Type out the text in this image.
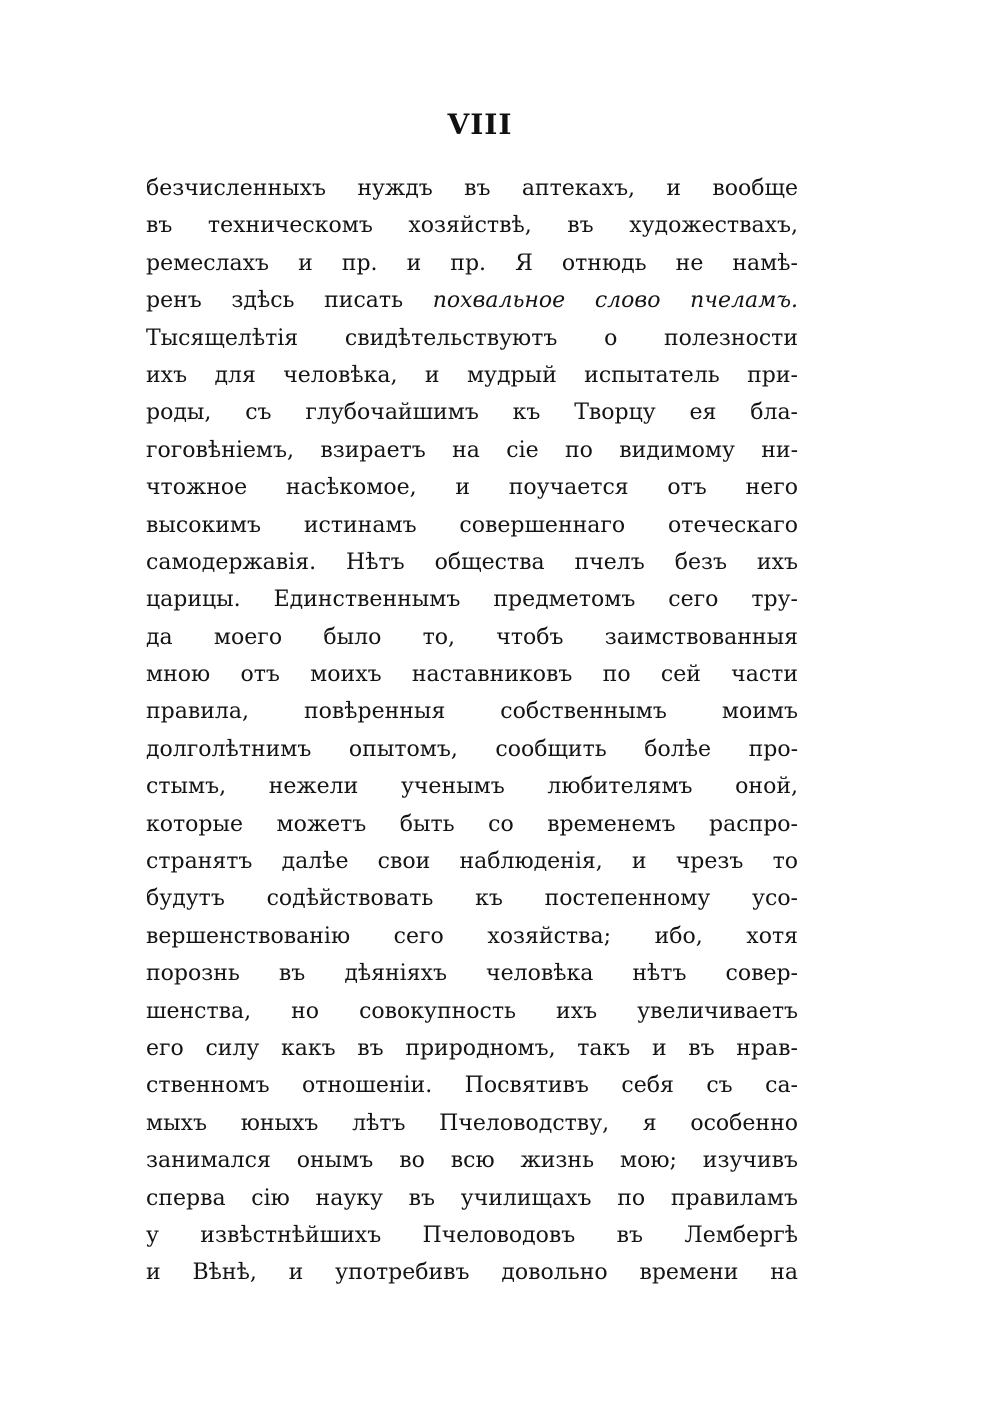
VIII
безчисленныхъ нуждъ въ аптекахъ, и вообще
въ техническомъ хозяйствѣ, въ художествахъ,
ремеслахъ и пр. и пр. Я отнюдь не намѣ-
ренъ здѣсь писать похвальное слово пчеламъ.
Тысящелѣтія свидѣтельствуютъ о полезности
ихъ для человѣка, и мудрый испытатель при-
роды, съ глубочайшимъ къ Творцу ея бла-
гоговѣніемъ, взираетъ на сіе по видимому ни-
чтожное насѣкомое, и поучается отъ него
высокимъ истинамъ совершеннаго отеческаго
самодержавія. Нѣтъ общества пчелъ безъ ихъ
царицы. Единственнымъ предметомъ сего тру-
да моего было то, чтобъ заимствованныя
мною отъ моихъ наставниковъ по сей части
правила, повѣренныя собственнымъ моимъ
долголѣтнимъ опытомъ, сообщить болѣе про-
стымъ, нежели ученымъ любителямъ оной,
которые можетъ быть со временемъ распро-
странятъ далѣе свои наблюденія, и чрезъ то
будутъ содѣйствовать къ постепенному усо-
вершенствованію сего хозяйства; ибо, хотя
порознь въ дѣяніяхъ человѣка нѣтъ совер-
шенства, но совокупность ихъ увеличиваетъ
его силу какъ въ природномъ, такъ и въ нрав-
ственномъ отношеніи. Посвятивъ себя съ са-
мыхъ юныхъ лѣтъ Пчеловодству, я особенно
занимался онымъ во всю жизнь мою; изучивъ
сперва сію науку въ училищахъ по правиламъ
у извѣстнѣйшихъ Пчеловодовъ въ Лембергѣ
и Вѣнѣ, и употребивъ довольно времени на
